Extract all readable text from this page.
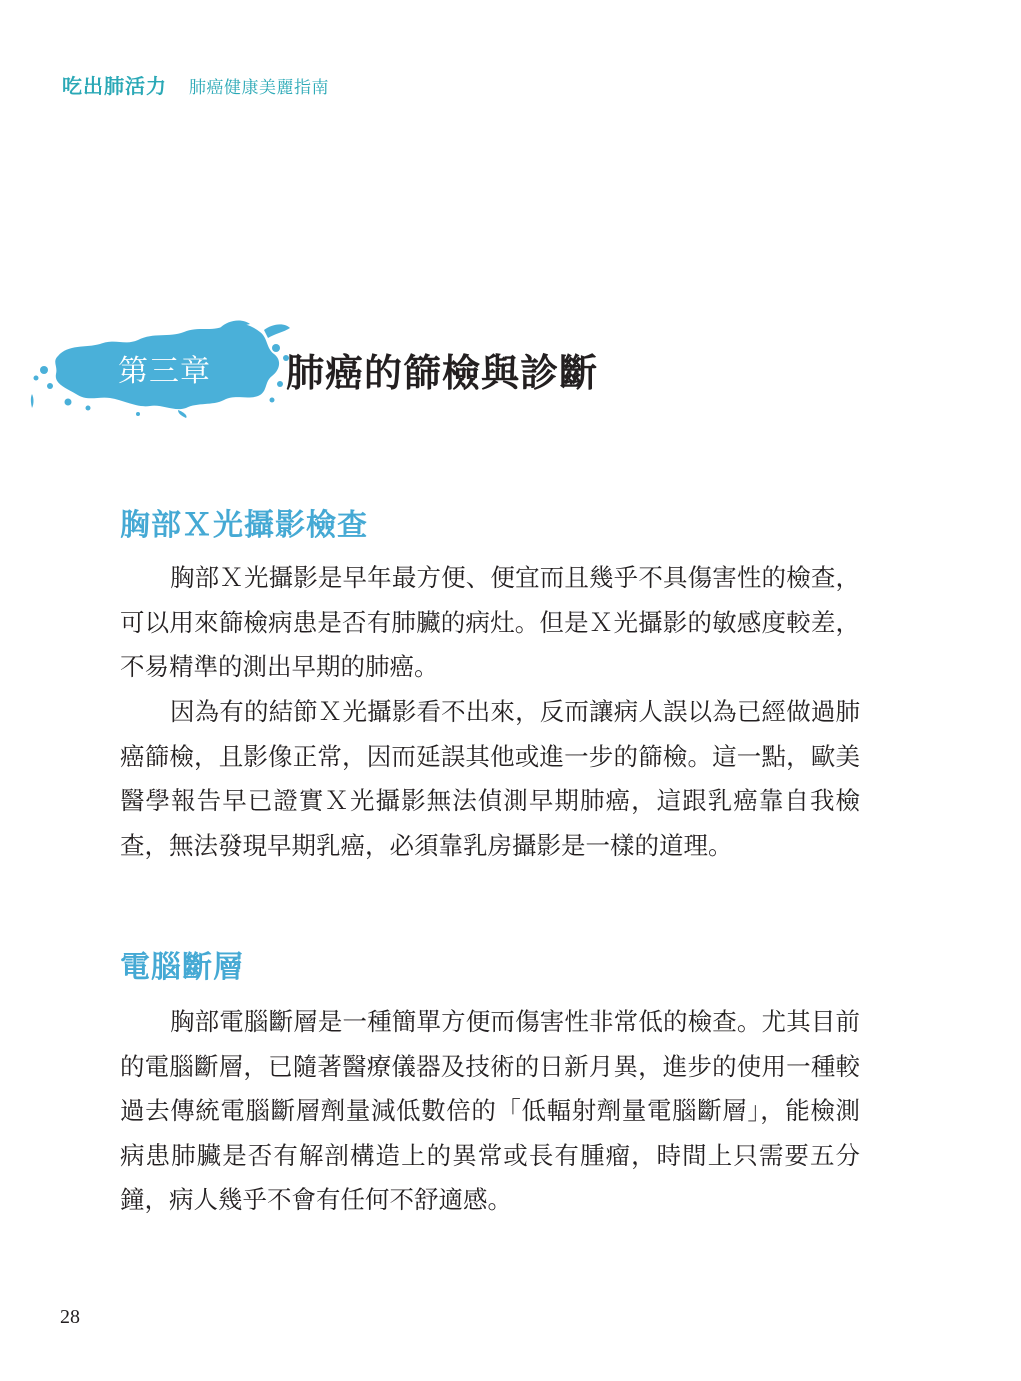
吃出肺活力 肺癌健康美麗指南
第三章 肺癌的篩檢與診斷
胸部Ｘ光攝影檢查

胸部Ｘ光攝影是早年最方便、便宜而且幾乎不具傷害性的檢查，可以用來篩檢病患是否有肺臟的病灶。但是Ｘ光攝影的敏感度較差，不易精準的測出早期的肺癌。

因為有的結節Ｘ光攝影看不出來，反而讓病人誤以為已經做過肺癌篩檢，且影像正常，因而延誤其他或進一步的篩檢。這一點，歐美醫學報告早已證實Ｘ光攝影無法偵測早期肺癌，這跟乳癌靠自我檢查，無法發現早期乳癌，必須靠乳房攝影是一樣的道理。

電腦斷層

胸部電腦斷層是一種簡單方便而傷害性非常低的檢查。尤其目前的電腦斷層，已隨著醫療儀器及技術的日新月異，進步的使用一種較過去傳統電腦斷層劑量減低數倍的「低輻射劑量電腦斷層」，能檢測病患肺臟是否有解剖構造上的異常或長有腫瘤，時間上只需要五分鐘，病人幾乎不會有任何不舒適感。

28
